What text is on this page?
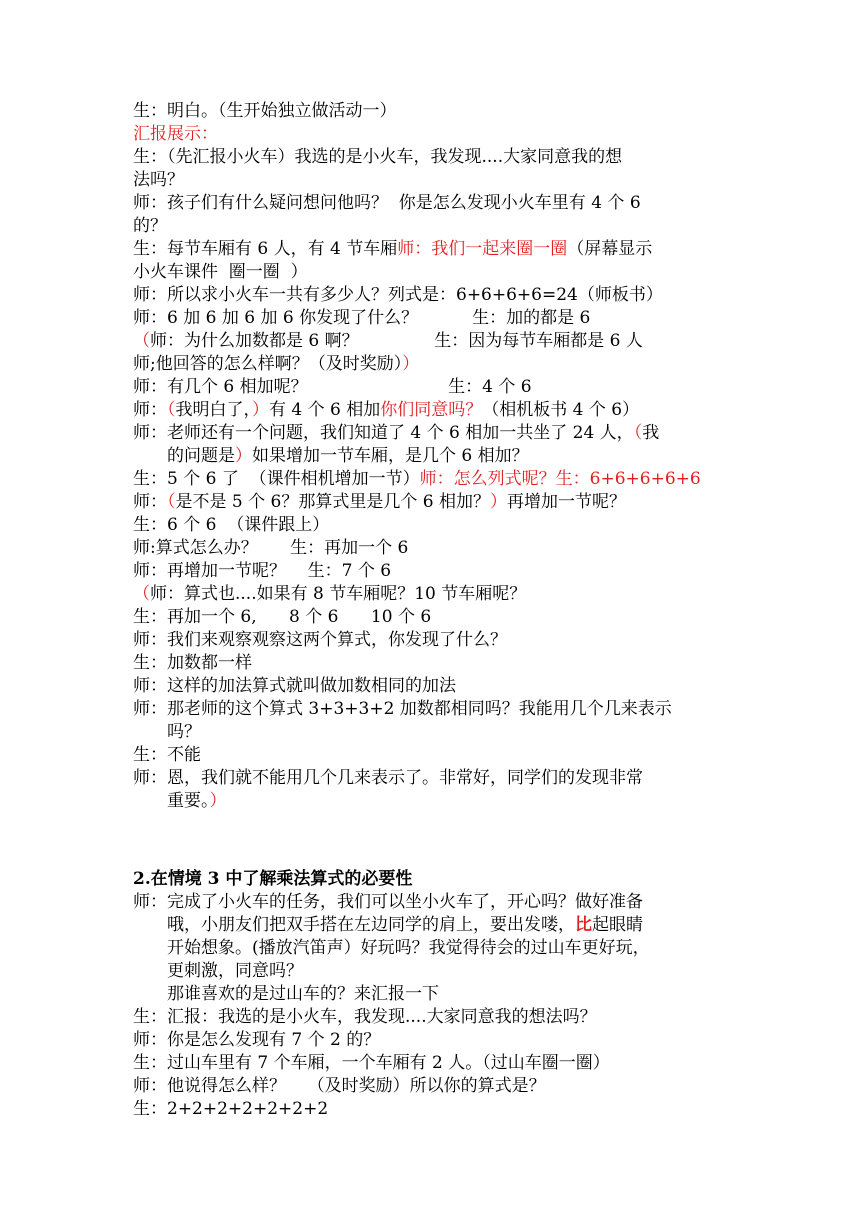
生：明白。（生开始独立做活动一）

汇报展示：

生：（先汇报小火车）我选的是小火车，我发现....大家同意我的想

法吗？

师：孩子们有什么疑问想问他吗？  你是怎么发现小火车里有 4 个 6

的？

生：每节车厢有 6 人，有 4 节车厢师：我们一起来圈一圈（屏幕显示

小火车课件  圈一圈  ）

师：所以求小火车一共有多少人？列式是：6+6+6+6=24（师板书）

师：6 加 6 加 6 加 6 你发现了什么？          生：加的都是 6

（师：为什么加数都是 6 啊？              生：因为每节车厢都是 6 人

师;他回答的怎么样啊？（及时奖励））

师：有几个 6 相加呢？                          生：4 个 6

师：（我明白了，）有 4 个 6 相加你们同意吗？（相机板书 4 个 6）

师：老师还有一个问题，我们知道了 4 个 6 相加一共坐了 24 人，（我

的问题是）如果增加一节车厢，是几个 6 相加？

生：5 个 6 了  （课件相机增加一节）师：怎么列式呢？生：6+6+6+6+6

师：（是不是 5 个 6？那算式里是几个 6 相加？）再增加一节呢？

生：6 个 6  （课件跟上）

师:算式怎么办？      生：再加一个 6

师：再增加一节呢？    生：7 个 6

（师：算式也....如果有 8 节车厢呢？10 节车厢呢？

生：再加一个 6,      8 个 6      10 个 6

师：我们来观察观察这两个算式，你发现了什么？

生：加数都一样

师：这样的加法算式就叫做加数相同的加法

师：那老师的这个算式 3+3+3+2 加数都相同吗？我能用几个几来表示

吗？

生：不能

师：恩，我们就不能用几个几来表示了。非常好，同学们的发现非常

重要。）

2.在情境 3 中了解乘法算式的必要性

师：完成了小火车的任务，我们可以坐小火车了，开心吗？做好准备

哦，小朋友们把双手搭在左边同学的肩上，要出发喽，比起眼睛

开始想象。(播放汽笛声）好玩吗？我觉得待会的过山车更好玩，

更刺激，同意吗？

那谁喜欢的是过山车的？来汇报一下

生：汇报：我选的是小火车，我发现....大家同意我的想法吗？

师：你是怎么发现有 7 个 2 的？

生：过山车里有 7 个车厢，一个车厢有 2 人。（过山车圈一圈）

师：他说得怎么样？    （及时奖励）所以你的算式是？

生：2+2+2+2+2+2+2
